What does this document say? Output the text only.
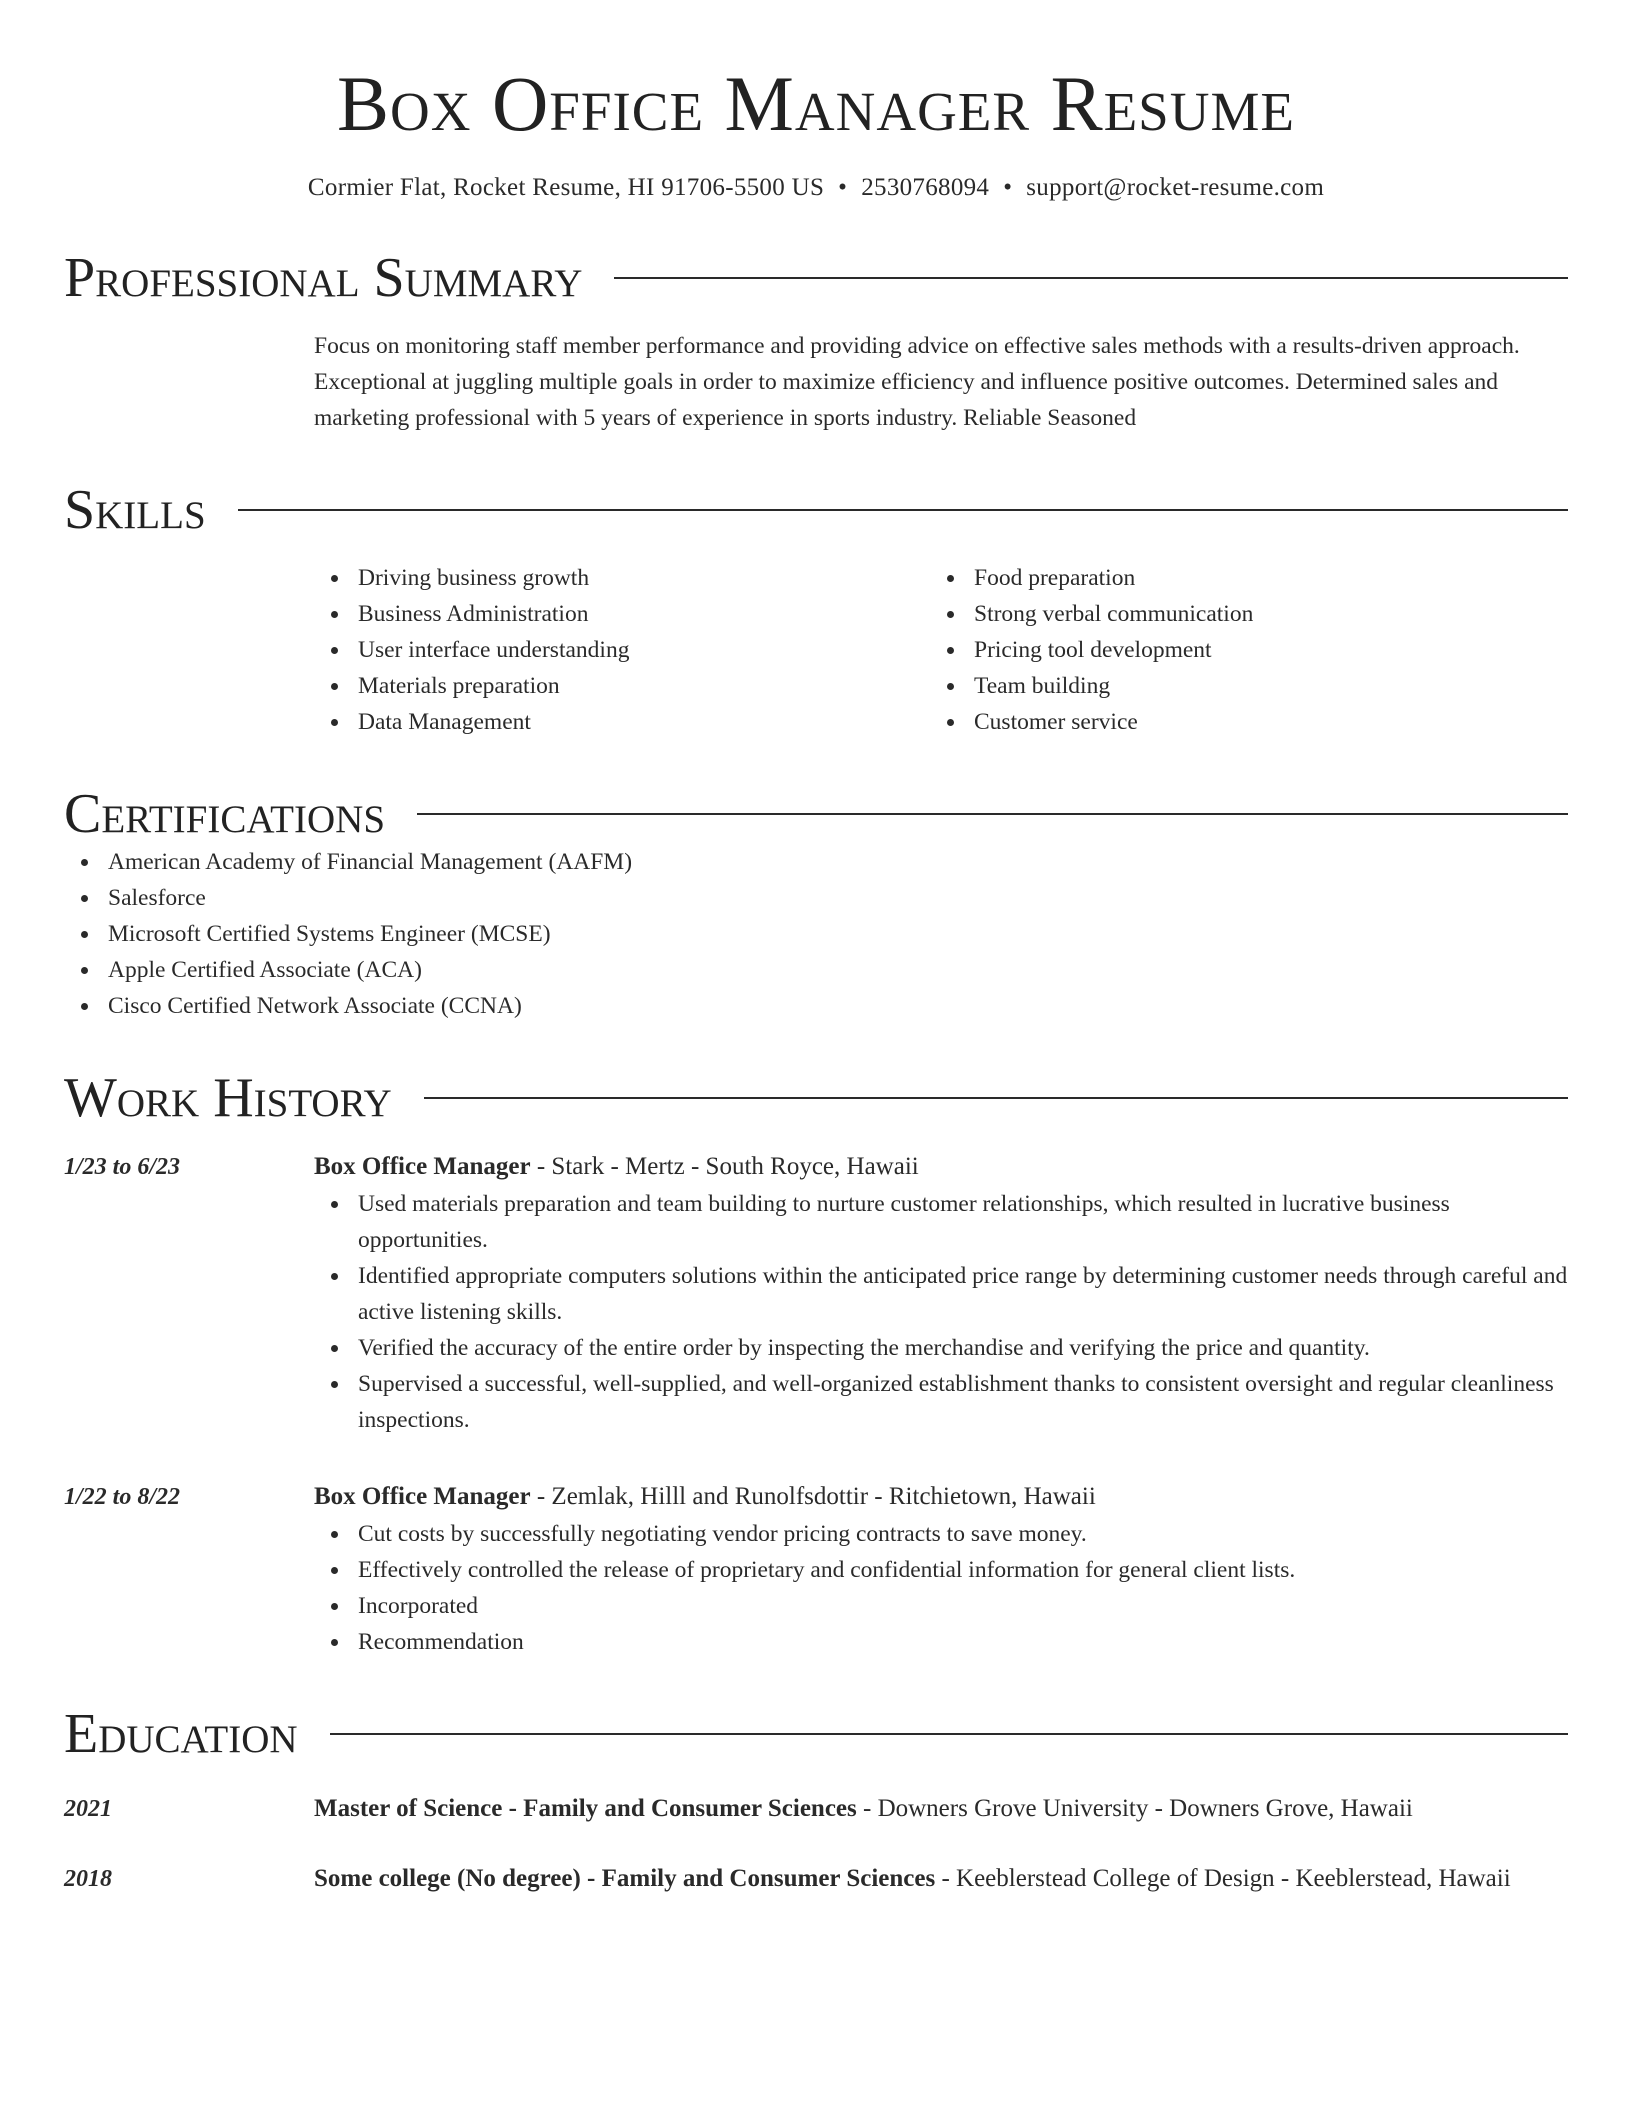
Box Office Manager Resume
Cormier Flat, Rocket Resume, HI 91706-5500 US • 2530768094 • support@rocket-resume.com
Professional Summary
Focus on monitoring staff member performance and providing advice on effective sales methods with a results-driven approach. Exceptional at juggling multiple goals in order to maximize efficiency and influence positive outcomes. Determined sales and marketing professional with 5 years of experience in sports industry. Reliable Seasoned
Skills
Driving business growth
Business Administration
User interface understanding
Materials preparation
Data Management
Food preparation
Strong verbal communication
Pricing tool development
Team building
Customer service
Certifications
American Academy of Financial Management (AAFM)
Salesforce
Microsoft Certified Systems Engineer (MCSE)
Apple Certified Associate (ACA)
Cisco Certified Network Associate (CCNA)
Work History
1/23 to 6/23	Box Office Manager - Stark - Mertz - South Royce, Hawaii
Used materials preparation and team building to nurture customer relationships, which resulted in lucrative business opportunities.
Identified appropriate computers solutions within the anticipated price range by determining customer needs through careful and active listening skills.
Verified the accuracy of the entire order by inspecting the merchandise and verifying the price and quantity.
Supervised a successful, well-supplied, and well-organized establishment thanks to consistent oversight and regular cleanliness inspections.
1/22 to 8/22	Box Office Manager - Zemlak, Hilll and Runolfsdottir - Ritchietown, Hawaii
Cut costs by successfully negotiating vendor pricing contracts to save money.
Effectively controlled the release of proprietary and confidential information for general client lists.
Incorporated
Recommendation
Education
2021	Master of Science - Family and Consumer Sciences - Downers Grove University - Downers Grove, Hawaii
2018	Some college (No degree) - Family and Consumer Sciences - Keeblerstead College of Design - Keeblerstead, Hawaii
